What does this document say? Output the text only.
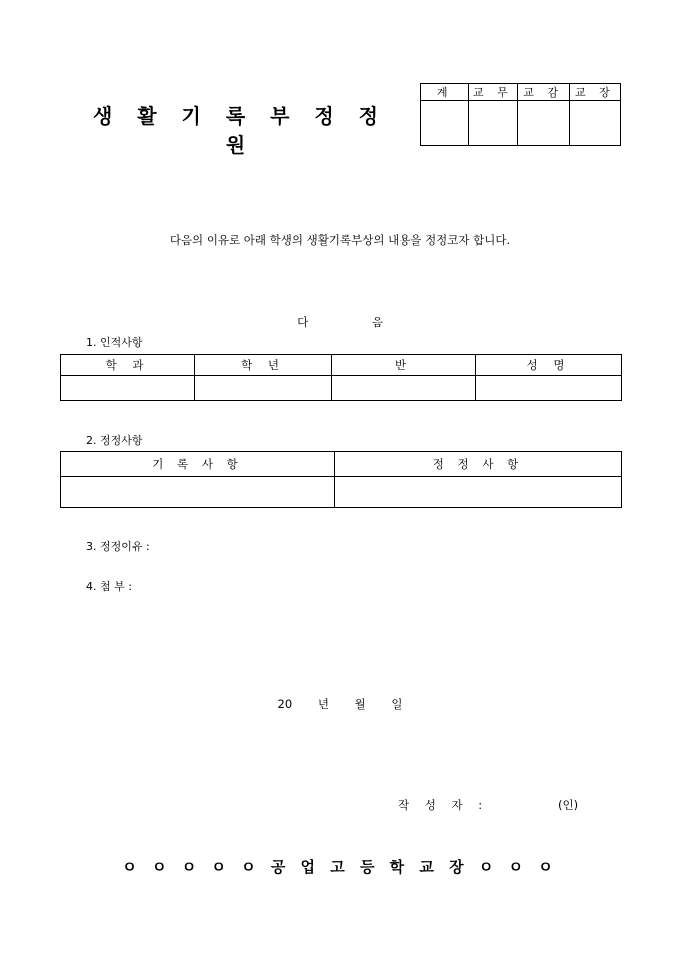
생 활 기 록 부 정 정 원
계	교 무	교 감	교 장

다음의 이유로 아래 학생의 생활기록부상의 내용을 정정코자 합니다.
다 음
1. 인적사항
학 과	학 년	반	성 명

2. 정정사항
기 록 사 항	정 정 사 항

3. 정정이유 :
4. 첨 부 :
20 년 월 일
작 성 자 :	(인)
ㅇ ㅇ ㅇ ㅇ ㅇ 공 업 고 등 학 교 장 ㅇ ㅇ ㅇ
